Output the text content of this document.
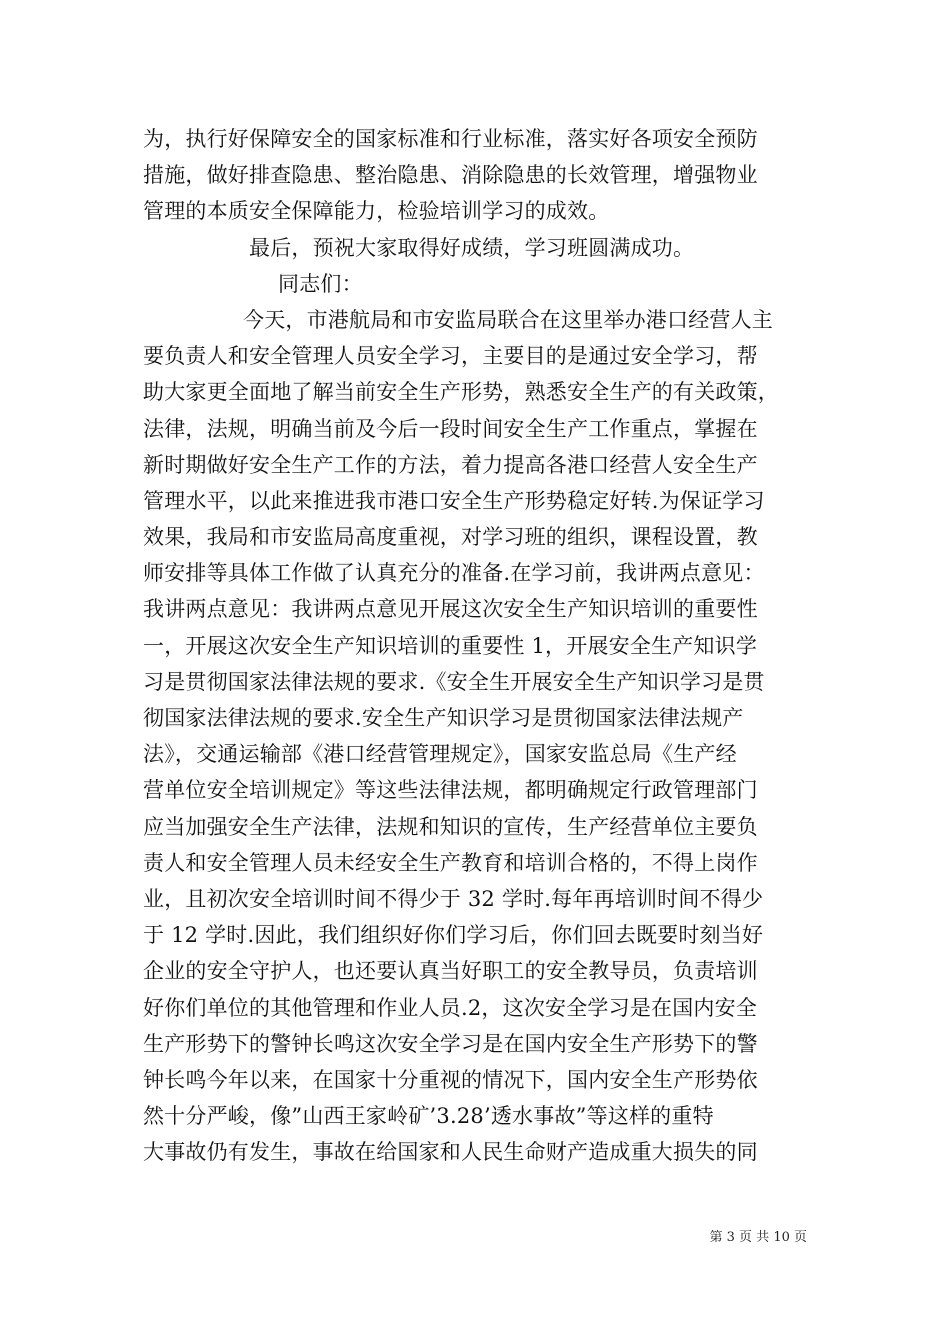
为，执行好保障安全的国家标准和行业标准，落实好各项安全预防
措施，做好排查隐患、整治隐患、消除隐患的长效管理，增强物业
管理的本质安全保障能力，检验培训学习的成效。
最后，预祝大家取得好成绩，学习班圆满成功。
同志们：
今天，市港航局和市安监局联合在这里举办港口经营人主
要负责人和安全管理人员安全学习，主要目的是通过安全学习，帮
助大家更全面地了解当前安全生产形势，熟悉安全生产的有关政策，
法律，法规，明确当前及今后一段时间安全生产工作重点，掌握在
新时期做好安全生产工作的方法，着力提高各港口经营人安全生产
管理水平，以此来推进我市港口安全生产形势稳定好转.为保证学习
效果，我局和市安监局高度重视，对学习班的组织，课程设置，教
师安排等具体工作做了认真充分的准备.在学习前，我讲两点意见：
我讲两点意见：我讲两点意见开展这次安全生产知识培训的重要性
一，开展这次安全生产知识培训的重要性 1，开展安全生产知识学
习是贯彻国家法律法规的要求.《安全生开展安全生产知识学习是贯
彻国家法律法规的要求.安全生产知识学习是贯彻国家法律法规产
法》，交通运输部《港口经营管理规定》，国家安监总局《生产经
营单位安全培训规定》等这些法律法规，都明确规定行政管理部门
应当加强安全生产法律，法规和知识的宣传，生产经营单位主要负
责人和安全管理人员未经安全生产教育和培训合格的，不得上岗作
业，且初次安全培训时间不得少于 32 学时.每年再培训时间不得少
于 12 学时.因此，我们组织好你们学习后，你们回去既要时刻当好
企业的安全守护人，也还要认真当好职工的安全教导员，负责培训
好你们单位的其他管理和作业人员.2，这次安全学习是在国内安全
生产形势下的警钟长鸣这次安全学习是在国内安全生产形势下的警
钟长鸣今年以来，在国家十分重视的情况下，国内安全生产形势依
然十分严峻，像”山西王家岭矿’3.28’透水事故”等这样的重特
大事故仍有发生，事故在给国家和人民生命财产造成重大损失的同
第 3 页 共 10 页
